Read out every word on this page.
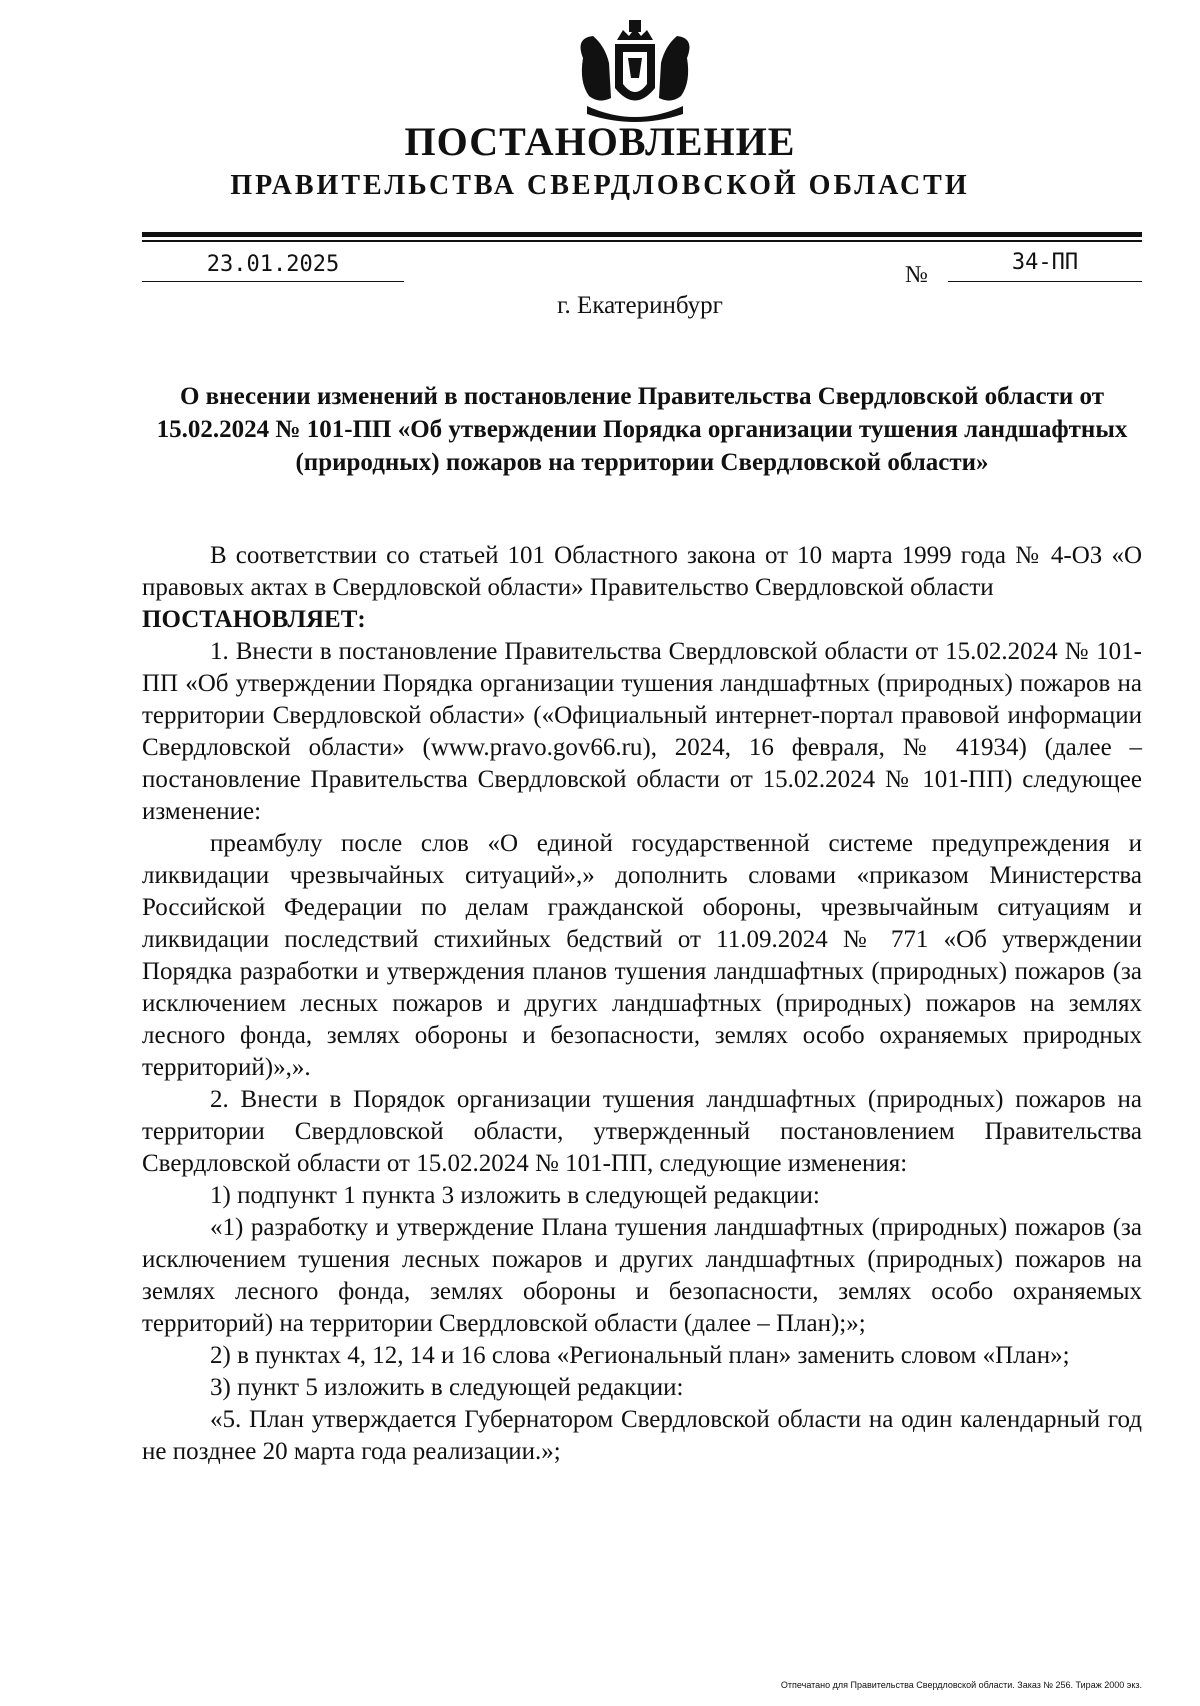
ПОСТАНОВЛЕНИЕ
ПРАВИТЕЛЬСТВА СВЕРДЛОВСКОЙ ОБЛАСТИ
23.01.2025	№	34-ПП
г. Екатеринбург
О внесении изменений в постановление Правительства Свердловской области от 15.02.2024 № 101-ПП «Об утверждении Порядка организации тушения ландшафтных (природных) пожаров на территории Свердловской области»

В соответствии со статьей 101 Областного закона от 10 марта 1999 года № 4-ОЗ «О правовых актах в Свердловской области» Правительство Свердловской области

ПОСТАНОВЛЯЕТ:

1. Внести в постановление Правительства Свердловской области от 15.02.2024 № 101-ПП «Об утверждении Порядка организации тушения ландшафтных (природных) пожаров на территории Свердловской области» («Официальный интернет-портал правовой информации Свердловской области» (www.pravo.gov66.ru), 2024, 16 февраля, № 41934) (далее – постановление Правительства Свердловской области от 15.02.2024 № 101-ПП) следующее изменение:

преамбулу после слов «О единой государственной системе предупреждения и ликвидации чрезвычайных ситуаций»,» дополнить словами «приказом Министерства Российской Федерации по делам гражданской обороны, чрезвычайным ситуациям и ликвидации последствий стихийных бедствий от 11.09.2024 № 771 «Об утверждении Порядка разработки и утверждения планов тушения ландшафтных (природных) пожаров (за исключением лесных пожаров и других ландшафтных (природных) пожаров на землях лесного фонда, землях обороны и безопасности, землях особо охраняемых природных территорий)»,».

2. Внести в Порядок организации тушения ландшафтных (природных) пожаров на территории Свердловской области, утвержденный постановлением Правительства Свердловской области от 15.02.2024 № 101-ПП, следующие изменения:

1) подпункт 1 пункта 3 изложить в следующей редакции:

«1) разработку и утверждение Плана тушения ландшафтных (природных) пожаров (за исключением тушения лесных пожаров и других ландшафтных (природных) пожаров на землях лесного фонда, землях обороны и безопасности, землях особо охраняемых территорий) на территории Свердловской области (далее – План);»;

2) в пунктах 4, 12, 14 и 16 слова «Региональный план» заменить словом «План»;

3) пункт 5 изложить в следующей редакции:

«5. План утверждается Губернатором Свердловской области на один календарный год не позднее 20 марта года реализации.»;

Отпечатано для Правительства Свердловской области. Заказ № 256. Тираж 2000 экз.
